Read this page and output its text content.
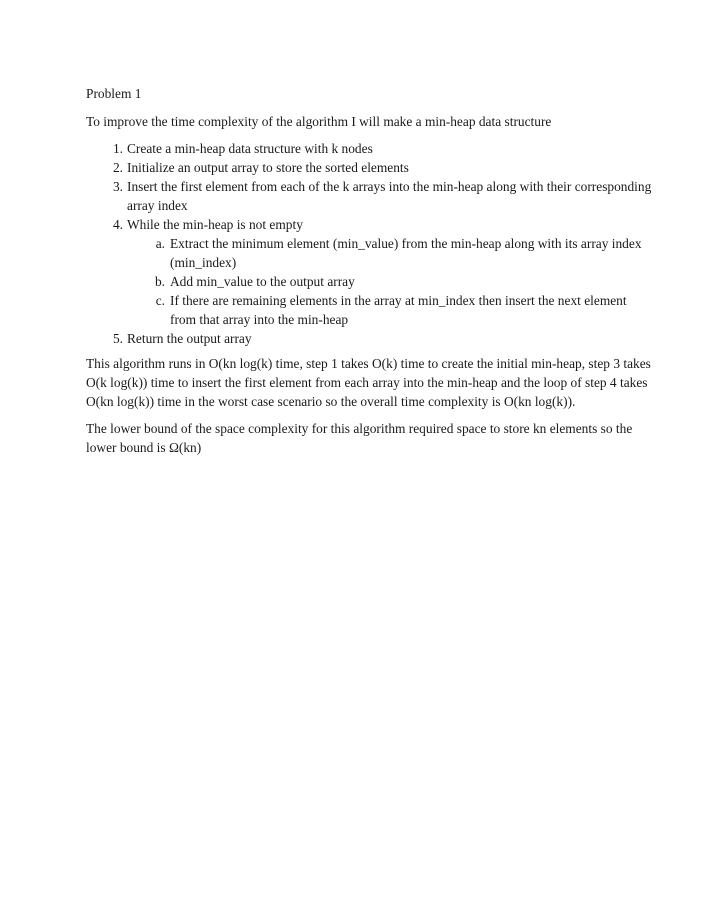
Problem 1

To improve the time complexity of the algorithm I will make a min-heap data structure

1. Create a min-heap data structure with k nodes
2. Initialize an output array to store the sorted elements
3. Insert the first element from each of the k arrays into the min-heap along with their corresponding array index
4. While the min-heap is not empty
a. Extract the minimum element (min_value) from the min-heap along with its array index (min_index)
b. Add min_value to the output array
c. If there are remaining elements in the array at min_index then insert the next element from that array into the min-heap
5. Return the output array

This algorithm runs in O(kn log(k) time, step 1 takes O(k) time to create the initial min-heap, step 3 takes O(k log(k)) time to insert the first element from each array into the min-heap and the loop of step 4 takes O(kn log(k)) time in the worst case scenario so the overall time complexity is O(kn log(k)).

The lower bound of the space complexity for this algorithm required space to store kn elements so the lower bound is Ω(kn)
